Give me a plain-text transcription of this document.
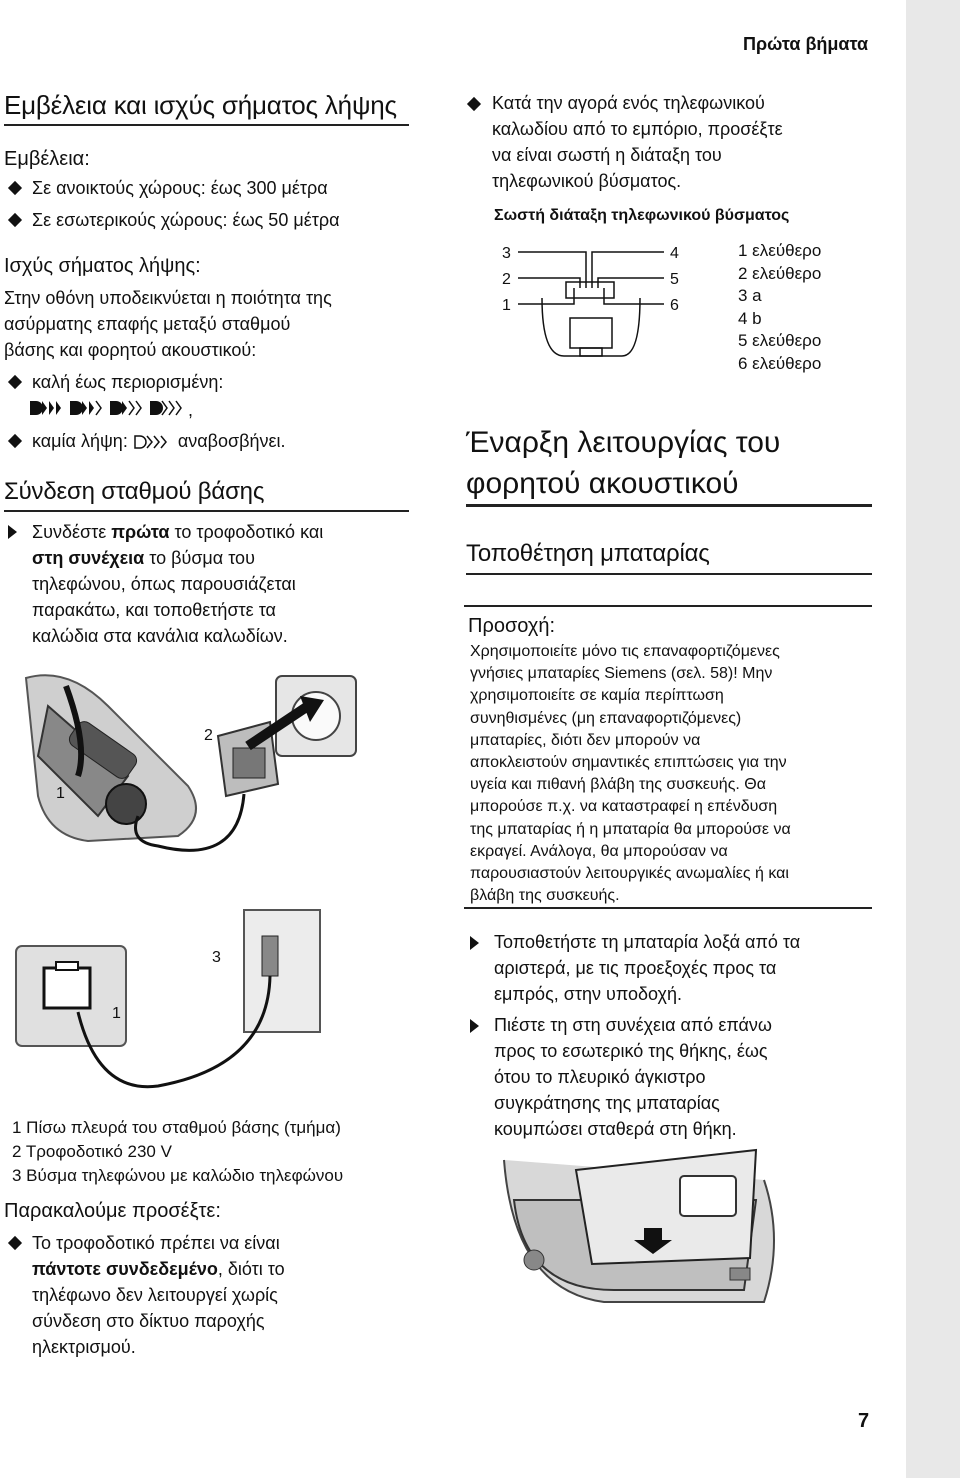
Πρώτα βήματα
Εμβέλεια και ισχύς σήματος λήψης
Εμβέλεια:
Σε ανοικτούς χώρους: έως 300 μέτρα
Σε εσωτερικούς χώρους: έως 50 μέτρα
Ισχύς σήματος λήψης:
Στην οθόνη υποδεικνύεται η ποιότητα της
ασύρματης επαφής μεταξύ σταθμού
βάσης και φορητού ακουστικού:
καλή έως περιορισμένη:
,
καμία λήψη:	αναβοσβήνει.
Σύνδεση σταθμού βάσης
Συνδέστε πρώτα το τροφοδοτικό και
στη συνέχεια το βύσμα του
τηλεφώνου, όπως παρουσιάζεται
παρακάτω, και τοποθετήστε τα
καλώδια στα κανάλια καλωδίων.
1
2
1
3
1 Πίσω πλευρά του σταθμού βάσης (τμήμα)
2 Τροφοδοτικό 230 V
3 Βύσμα τηλεφώνου με καλώδιο τηλεφώνου
Παρακαλούμε προσέξτε:
Το τροφοδοτικό πρέπει να είναι
πάντοτε συνδεδεμένο, διότι το
τηλέφωνο δεν λειτουργεί χωρίς
σύνδεση στο δίκτυο παροχής
ηλεκτρισμού.
Κατά την αγορά ενός τηλεφωνικού
καλωδίου από το εμπόριο, προσέξτε
να είναι σωστή η διάταξη του
τηλεφωνικού βύσματος.
Σωστή διάταξη τηλεφωνικού βύσματος
3
2
1
4
5
6
1 ελεύθερο
2 ελεύθερο
3 a
4 b
5 ελεύθερο
6 ελεύθερο
Έναρξη λειτουργίας του
φορητού ακουστικού
Τοποθέτηση μπαταρίας
Προσοχή:
Χρησιμοποιείτε μόνο τις επαναφορτιζόμενες
γνήσιες μπαταρίες Siemens (σελ. 58)! Μην
χρησιμοποιείτε σε καμία περίπτωση
συνηθισμένες (μη επαναφορτιζόμενες)
μπαταρίες, διότι δεν μπορούν να
αποκλειστούν σημαντικές επιπτώσεις για την
υγεία και πιθανή βλάβη της συσκευής. Θα
μπορούσε π.χ. να καταστραφεί η επένδυση
της μπαταρίας ή η μπαταρία θα μπορούσε να
εκραγεί. Ανάλογα, θα μπορούσαν να
παρουσιαστούν λειτουργικές ανωμαλίες ή και
βλάβη της συσκευής.
Τοποθετήστε τη μπαταρία λοξά από τα
αριστερά, με τις προεξοχές προς τα
εμπρός, στην υποδοχή.
Πιέστε τη στη συνέχεια από επάνω
προς το εσωτερικό της θήκης, έως
ότου το πλευρικό άγκιστρο
συγκράτησης της μπαταρίας
κουμπώσει σταθερά στη θήκη.
7
